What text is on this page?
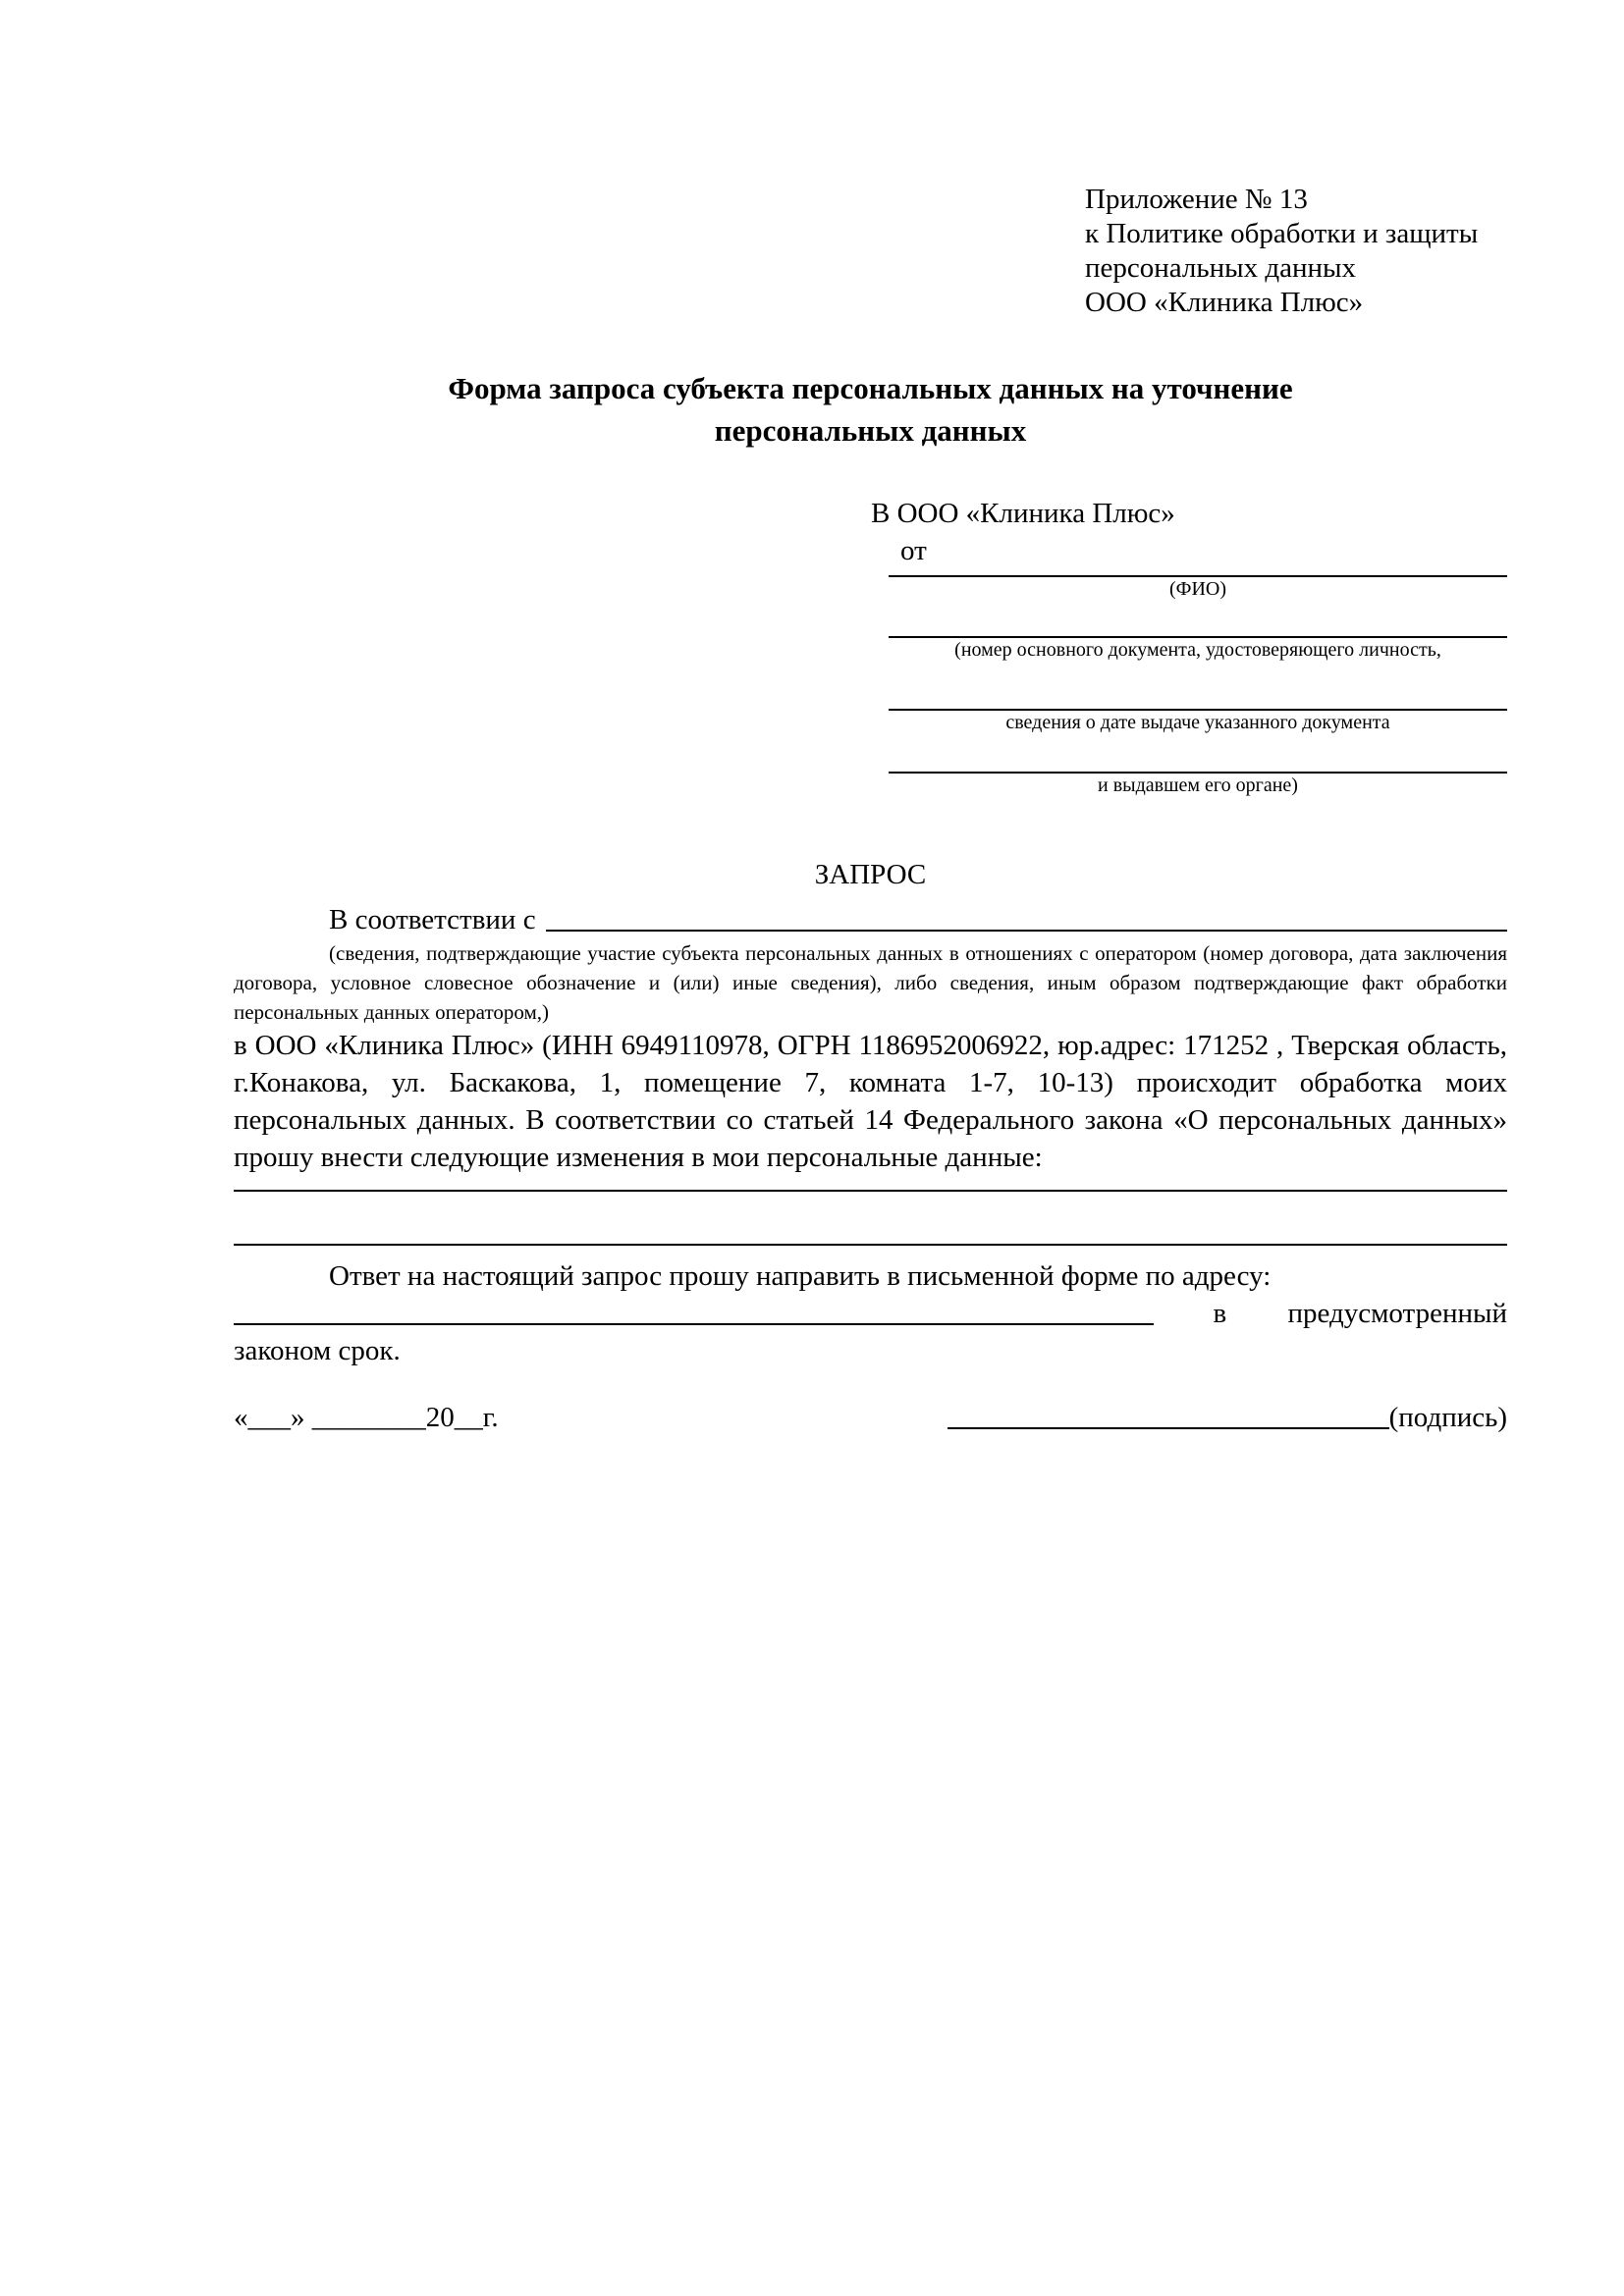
Приложение № 13
к Политике обработки и защиты
персональных данных
ООО «Клиника Плюс»
Форма запроса субъекта персональных данных на уточнение
персональных данных
В ООО «Клиника Плюс»
от
(ФИО)
(номер основного документа, удостоверяющего личность,
сведения о дате выдаче указанного документа
и выдавшем его органе)
ЗАПРОС
В соответствии с
(сведения, подтверждающие участие субъекта персональных данных в отношениях с оператором (номер договора, дата заключения договора, условное словесное обозначение и (или) иные сведения), либо сведения, иным образом подтверждающие факт обработки персональных данных оператором,)
в ООО «Клиника Плюс» (ИНН 6949110978, ОГРН 1186952006922, юр.адрес: 171252 , Тверская область, г.Конакова, ул. Баскакова, 1, помещение 7, комната 1-7, 10-13) происходит обработка моих персональных данных. В соответствии со статьей 14 Федерального закона «О персональных данных» прошу внести следующие изменения в мои персональные данные:
Ответ на настоящий запрос прошу направить в письменной форме по адресу:
в предусмотренный
законом срок.
«___» ________20__г.	(подпись)
